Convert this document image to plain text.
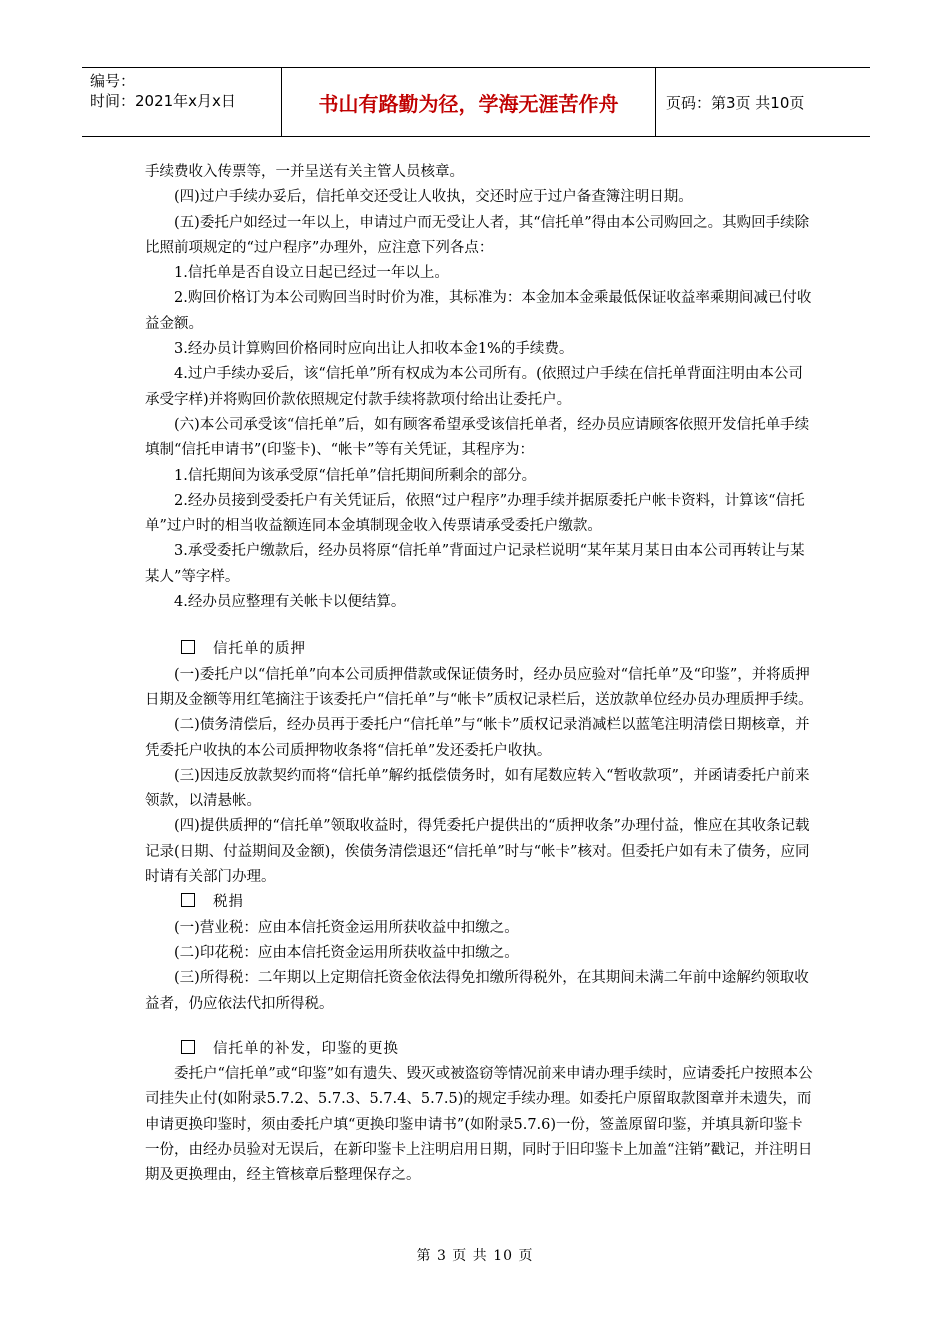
编号：
时间：2021年x月x日	书山有路勤为径，学海无涯苦作舟	页码：第3页 共10页

手续费收入传票等，一并呈送有关主管人员核章。

(四)过户手续办妥后，信托单交还受让人收执，交还时应于过户备查簿注明日期。

(五)委托户如经过一年以上，申请过户而无受让人者，其“信托单”得由本公司购回之。其购回手续除比照前项规定的“过户程序”办理外，应注意下列各点：

1.信托单是否自设立日起已经过一年以上。

2.购回价格订为本公司购回当时时价为准，其标准为：本金加本金乘最低保证收益率乘期间减已付收益金额。

3.经办员计算购回价格同时应向出让人扣收本金1%的手续费。

4.过户手续办妥后，该“信托单”所有权成为本公司所有。(依照过户手续在信托单背面注明由本公司承受字样)并将购回价款依照规定付款手续将款项付给出让委托户。

(六)本公司承受该“信托单”后，如有顾客希望承受该信托单者，经办员应请顾客依照开发信托单手续填制“信托申请书”(印鉴卡)、“帐卡”等有关凭证，其程序为：

1.信托期间为该承受原“信托单”信托期间所剩余的部分。

2.经办员接到受委托户有关凭证后，依照“过户程序”办理手续并据原委托户帐卡资料，计算该“信托单”过户时的相当收益额连同本金填制现金收入传票请承受委托户缴款。

3.承受委托户缴款后，经办员将原“信托单”背面过户记录栏说明“某年某月某日由本公司再转让与某某人”等字样。

4.经办员应整理有关帐卡以便结算。

信托单的质押

(一)委托户以“信托单”向本公司质押借款或保证债务时，经办员应验对“信托单”及“印鉴”，并将质押日期及金额等用红笔摘注于该委托户“信托单”与“帐卡”质权记录栏后，送放款单位经办员办理质押手续。

(二)债务清偿后，经办员再于委托户“信托单”与“帐卡”质权记录消减栏以蓝笔注明清偿日期核章，并凭委托户收执的本公司质押物收条将“信托单”发还委托户收执。

(三)因违反放款契约而将“信托单”解约抵偿债务时，如有尾数应转入“暂收款项”，并函请委托户前来领款，以清悬帐。

(四)提供质押的“信托单”领取收益时，得凭委托户提供出的“质押收条”办理付益，惟应在其收条记载记录(日期、付益期间及金额)，俟债务清偿退还“信托单”时与“帐卡”核对。但委托户如有未了债务，应同时请有关部门办理。

税捐

(一)营业税：应由本信托资金运用所获收益中扣缴之。

(二)印花税：应由本信托资金运用所获收益中扣缴之。

(三)所得税：二年期以上定期信托资金依法得免扣缴所得税外，在其期间未满二年前中途解约领取收益者，仍应依法代扣所得税。

信托单的补发，印鉴的更换

委托户“信托单”或“印鉴”如有遗失、毁灭或被盗窃等情况前来申请办理手续时，应请委托户按照本公司挂失止付(如附录5.7.2、5.7.3、5.7.4、5.7.5)的规定手续办理。如委托户原留取款图章并未遗失，而申请更换印鉴时，须由委托户填“更换印鉴申请书”(如附录5.7.6)一份，签盖原留印鉴，并填具新印鉴卡一份，由经办员验对无误后，在新印鉴卡上注明启用日期，同时于旧印鉴卡上加盖“注销”戳记，并注明日期及更换理由，经主管核章后整理保存之。

第 3 页 共 10 页
